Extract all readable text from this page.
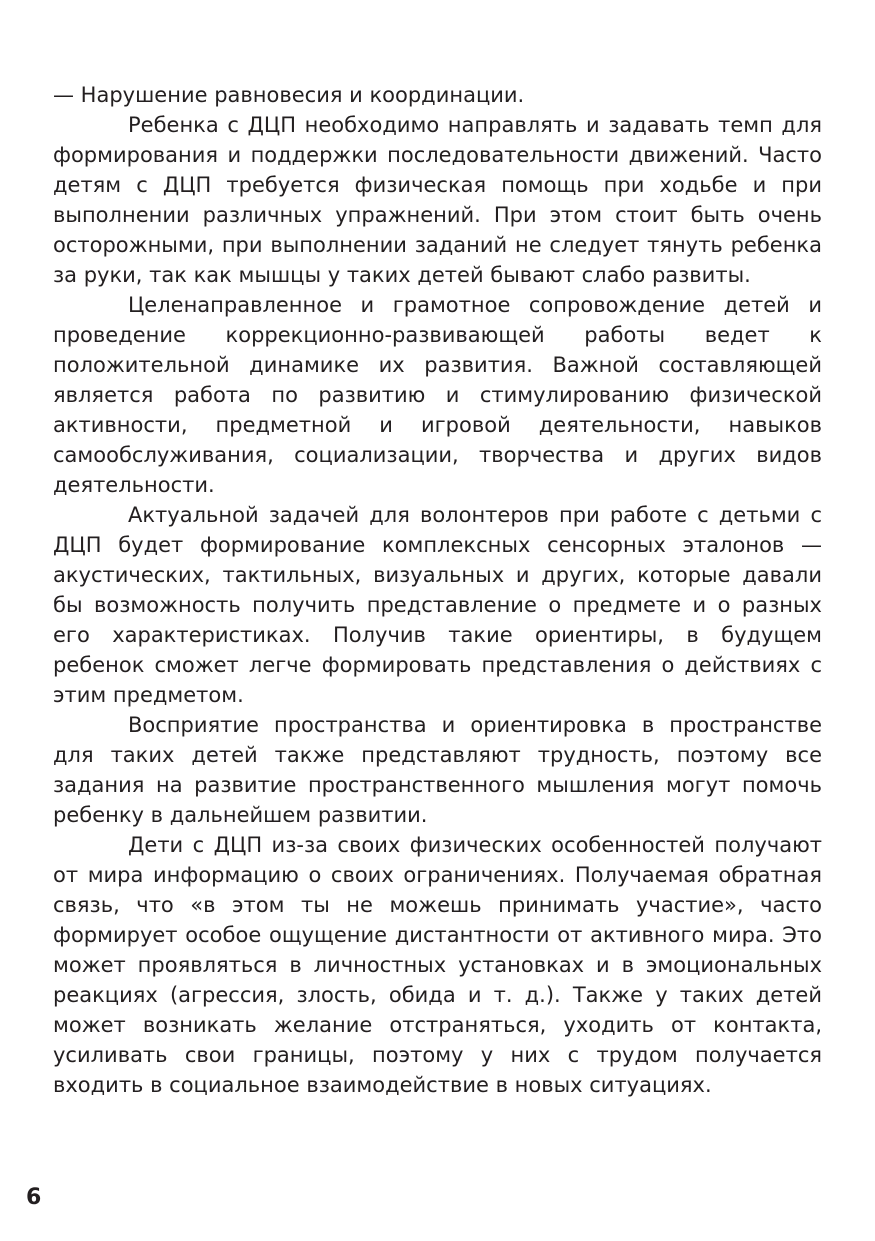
— Нарушение равновесия и координации.

Ребенка с ДЦП необходимо направлять и задавать темп для формирования и поддержки последовательности движений. Часто детям с ДЦП требуется физическая помощь при ходьбе и при выполнении различных упражнений. При этом стоит быть очень осторожными, при выполнении заданий не следует тянуть ребенка за руки, так как мышцы у таких детей бывают слабо развиты.

Целенаправленное и грамотное сопровождение детей и проведение коррекционно-развивающей работы ведет к положительной динамике их развития. Важной составляющей является работа по развитию и стимулированию физической активности, предметной и игровой деятельности, навыков самообслуживания, социализации, творчества и других видов деятельности.

Актуальной задачей для волонтеров при работе с детьми с ДЦП будет формирование комплексных сенсорных эталонов — акустических, тактильных, визуальных и других, которые давали бы возможность получить представление о предмете и о разных его характеристиках. Получив такие ориентиры, в будущем ребенок сможет легче формировать представления о действиях с этим предметом.

Восприятие пространства и ориентировка в пространстве для таких детей также представляют трудность, поэтому все задания на развитие пространственного мышления могут помочь ребенку в дальнейшем развитии.

Дети с ДЦП из-за своих физических особенностей получают от мира информацию о своих ограничениях. Получаемая обратная связь, что «в этом ты не можешь принимать участие», часто формирует особое ощущение дистантности от активного мира. Это может проявляться в личностных установках и в эмоциональных реакциях (агрессия, злость, обида и т. д.). Также у таких детей может возникать желание отстраняться, уходить от контакта, усиливать свои границы, поэтому у них с трудом получается входить в социальное взаимодействие в новых ситуациях.

6
